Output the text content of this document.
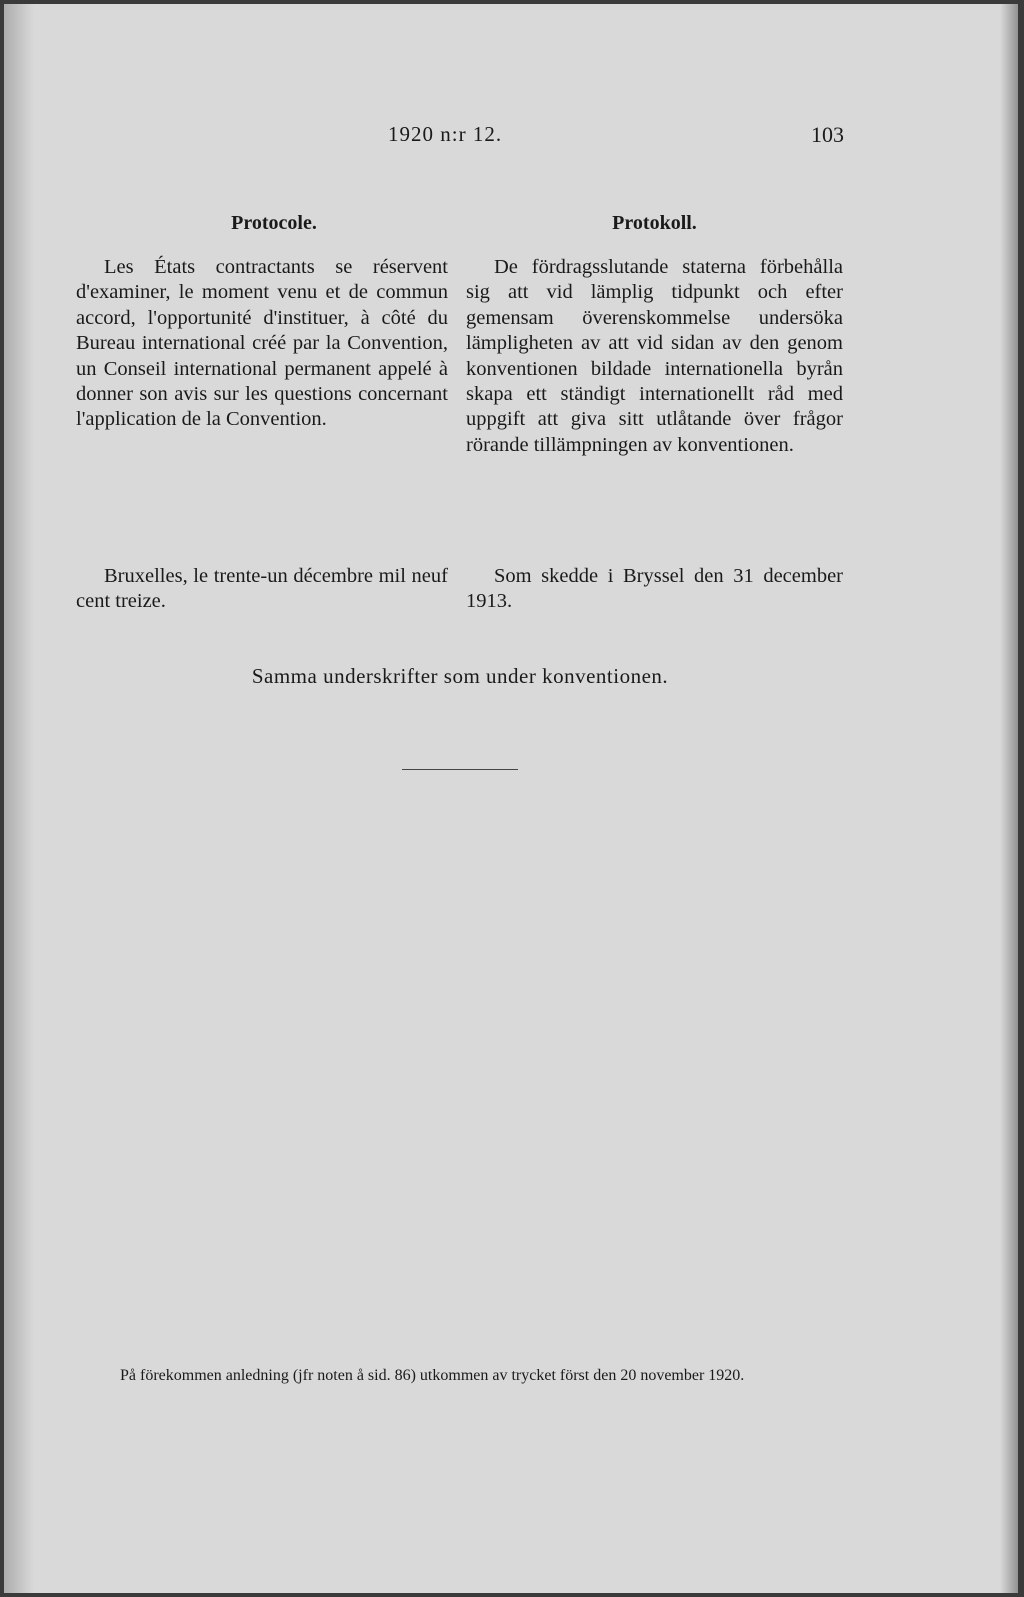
1920 n:r 12.	103
Protocole.

Les États contractants se réservent d'examiner, le moment venu et de commun accord, l'opportunité d'instituer, à côté du Bureau international créé par la Convention, un Conseil international permanent appelé à donner son avis sur les questions concernant l'application de la Convention.

Bruxelles, le trente-un décembre mil neuf cent treize.

Protokoll.

De fördragsslutande staterna förbehålla sig att vid lämplig tidpunkt och efter gemensam överenskommelse undersöka lämpligheten av att vid sidan av den genom konventionen bildade internationella byrån skapa ett ständigt internationellt råd med uppgift att giva sitt utlåtande över frågor rörande tillämpningen av konventionen.

Som skedde i Bryssel den 31 december 1913.

Samma underskrifter som under konventionen.

På förekommen anledning (jfr noten å sid. 86) utkommen av trycket först den 20 november 1920.
